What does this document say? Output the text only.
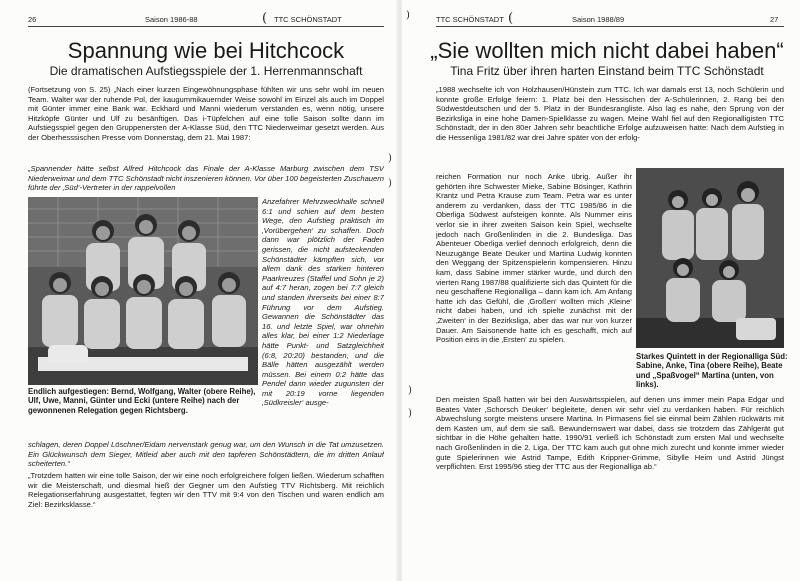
26	Saison 1986-88	( TTC SCHÖNSTADT
Spannung wie bei Hitchcock
Die dramatischen Aufstiegsspiele der 1. Herrenmannschaft

(Fortsetzung von S. 25) „Nach einer kurzen Eingewöhnungsphase fühlten wir uns sehr wohl im neuen Team. Walter war der ruhende Pol, der kaugummikauernder Weise sowohl im Einzel als auch im Doppel mit Günter immer eine Bank war. Eckhard und Manni wiederum verstanden es, wenn nötig, unsere Hitzköpfe Günter und Ulf zu besänftigen. Das i-Tüpfelchen auf eine tolle Saison sollte dann im Aufstiegsspiel gegen den Gruppenersten der A-Klasse Süd, den TTC Niederweimar gesetzt werden. Aus der Oberhesssischen Presse vom Donnerstag, dem 21. Mai 1987:

„Spannender hätte selbst Alfred Hitchcock das Finale der A-Klasse Marburg zwischen dem TSV Niederweimar und dem TTC Schönstadt nicht inszenieren können. Vor über 100 begeisterten Zuschauern führte der ‚Süd‘-Vertreter in der rappelvollen

Anzefahrer Mehrzweckhalle schnell 6:1 und schien auf dem besten Wege, den Aufstieg praktisch im ‚Vorübergehen‘ zu schaffen. Doch dann war plötzlich der Faden gerissen, die nicht aufsteckenden Schönstädter kämpften sich, vor allem dank des starken hinteren Paarkreuzes (Staffel und Sohn je 2) auf 4:7 heran, zogen bei 7:7 gleich und standen ihrerseits bei einer 8:7 Führung vor dem Aufstieg. Gewannen die Schönstädter das 16. und letzte Spiel, war ohnehin alles klar, bei einer 1:2 Niederlage hätte Punkt- und Satzgleichheit (6:8, 20:20) bestanden, und die Bälle hätten ausgezählt werden müssen. Bei einem 0:2 hätte das Pendel dann wieder zugunsten der mit 20:19 vorne liegenden ‚Südkreisler‘ ausge-

Endlich aufgestiegen: Bernd, Wolfgang, Walter (obere Reihe), Ulf, Uwe, Manni, Günter und Ecki (untere Reihe) nach der gewonnenen Relegation gegen Richtsberg.

schlagen, deren Doppel Löschner/Eidam nervenstark genug war, um den Wunsch in die Tat umzusetzen. Ein Glückwunsch dem Sieger, Mitleid aber auch mit den tapferen Schönstädtern, die im dritten Anlauf scheiterten.“

„Trotzdem hatten wir eine tolle Saison, der wir eine noch erfolgreichere folgen ließen. Wiederum schafften wir die Meisterschaft, und diesmal hieß der Gegner um den Aufstieg TTV Richtsberg. Mit reichlich Relegationserfahrung ausgestattet, fegten wir den TTV mit 9:4 von den Tischen und waren endlich am Ziel: Bezirksklasse.“

)
)
)	TTC SCHÖNSTADT (	Saison 1988/89	27
„Sie wollten mich nicht dabei haben“
Tina Fritz über ihren harten Einstand beim TTC Schönstadt

„1988 wechselte ich von Holzhausen/Hünstein zum TTC. Ich war damals erst 13, noch Schülerin und konnte große Erfolge feiern: 1. Platz bei den Hessischen der A-Schülerinnen, 2. Rang bei den Südwestdeutschen und der 5. Platz in der Bundesrangliste. Also lag es nahe, den Sprung von der Bezirksliga in eine hohe Damen-Spielklasse zu wagen. Meine Wahl fiel auf den Regionalligisten TTC Schönstadt, der in den 80er Jahren sehr beachtliche Erfolge aufzuweisen hatte: Nach dem Aufstieg in die Hessenliga 1981/82 war drei Jahre später von der erfolg-

reichen Formation nur noch Anke übrig. Außer ihr gehörten ihre Schwester Mieke, Sabine Bösinger, Kathrin Krantz und Petra Krause zum Team. Petra war es unter anderem zu verdanken, dass der TTC 1985/86 in die Oberliga Südwest aufsteigen konnte. Als Nummer eins verlor sie in ihrer zweiten Saison kein Spiel, wechselte jedoch nach Großenlinden in die 2. Bundesliga. Das Abenteuer Oberliga verlief dennoch erfolgreich, denn die Neuzugänge Beate Deuker und Martina Ludwig konnten den Weggang der Spitzenspielerin kompensieren. Hinzu kam, dass Sabine immer stärker wurde, und durch den vierten Rang 1987/88 qualifizierte sich das Quintett für die neu geschaffene Regionalliga – dann kam ich. Am Anfang hatte ich das Gefühl, die ‚Großen‘ wollten mich ‚Kleine‘ nicht dabei haben, und ich spielte zunächst mit der ‚Zweiten‘ in der Bezirksliga, aber das war nur von kurzer Dauer. Am Saisonende hatte ich es geschafft, mich auf Position eins in die ‚Ersten‘ zu spielen.

Starkes Quintett in der Regionalliga Süd: Sabine, Anke, Tina (obere Reihe), Beate und „Spaßvogel“ Martina (unten, von links).

Den meisten Spaß hatten wir bei den Auswärtsspielen, auf denen uns immer mein Papa Edgar und Beates Vater ‚Schorsch Deuker‘ begleitete, denen wir sehr viel zu verdanken haben. Für reichlich Abwechslung sorgte meistens unsere Martina. In Pirmasens fiel sie einmal beim Zählen rückwärts mit dem Kasten um, auf dem sie saß. Bewundernswert war dabei, dass sie trotzdem das Zählgerät gut sichtbar in die Höhe gehalten hatte. 1990/91 verließ ich Schönstadt zum ersten Mal und wechselte nach Großenlinden in die 2. Liga. Der TTC kam auch gut ohne mich zurecht und konnte immer wieder gute Spielerinnen wie Astrid Tampe, Edith Krippner-Grimme, Sibylle Heim und Astrid Jüngst verpflichten. Erst 1995/96 stieg der TTC aus der Regionalliga ab.“

)
)
